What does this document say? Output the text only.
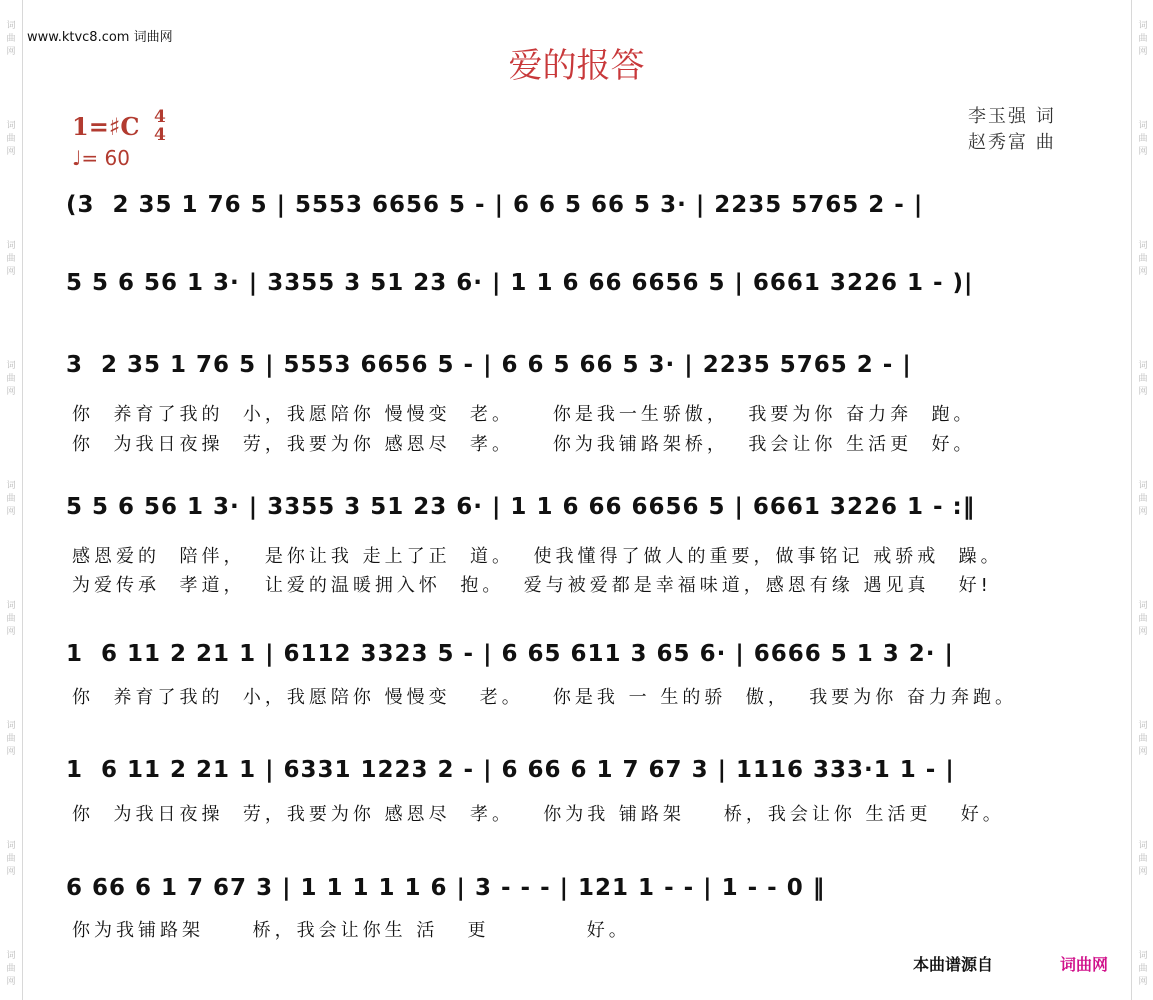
词曲网
词曲网
词曲网
词曲网
词曲网
词曲网
词曲网
词曲网
词曲网
词曲网
词曲网
词曲网
词曲网
词曲网
词曲网
词曲网
词曲网
词曲网
www.ktvc8.com 词曲网
爱的报答
1=♯C 4
4
♩= 60
李玉强 词
赵秀富 曲
(3  2 35 1 76 5 | 5553 6656 5 - | 6 6 5 66 5 3· | 2235 5765 2 - |
5 5 6 56 1 3· | 3355 3 51 23 6· | 1 1 6 66 6656 5 | 6661 3226 1 - )|
3  2 35 1 76 5 | 5553 6656 5 - | 6 6 5 66 5 3· | 2235 5765 2 - |
你  养育了我的  小，我愿陪你 慢慢变  老。    你是我一生骄傲，  我要为你 奋力奔  跑。
你  为我日夜操  劳，我要为你 感恩尽  孝。    你为我铺路架桥，  我会让你 生活更  好。
5 5 6 56 1 3· | 3355 3 51 23 6· | 1 1 6 66 6656 5 | 6661 3226 1 - :‖
感恩爱的  陪伴，  是你让我 走上了正  道。  使我懂得了做人的重要，做事铭记 戒骄戒  躁。
为爱传承  孝道，  让爱的温暖拥入怀  抱。  爱与被爱都是幸福味道，感恩有缘 遇见真   好!
1  6 11 2 21 1 | 6112 3323 5 - | 6 65 611 3 65 6· | 6666 5 1 3 2· |
你  养育了我的  小，我愿陪你 慢慢变   老。   你是我 一 生的骄  傲，  我要为你 奋力奔跑。
1  6 11 2 21 1 | 6331 1223 2 - | 6 66 6 1 7 67 3 | 1116 333·1 1 - |
你  为我日夜操  劳，我要为你 感恩尽  孝。   你为我 铺路架    桥，我会让你 生活更   好。
6 66 6 1 7 67 3 | 1 1 1 1 1 6 | 3 - - - | 121 1 - - | 1 - - 0 ‖
你为我铺路架     桥，我会让你生 活   更          好。
本曲谱源自	词曲网
